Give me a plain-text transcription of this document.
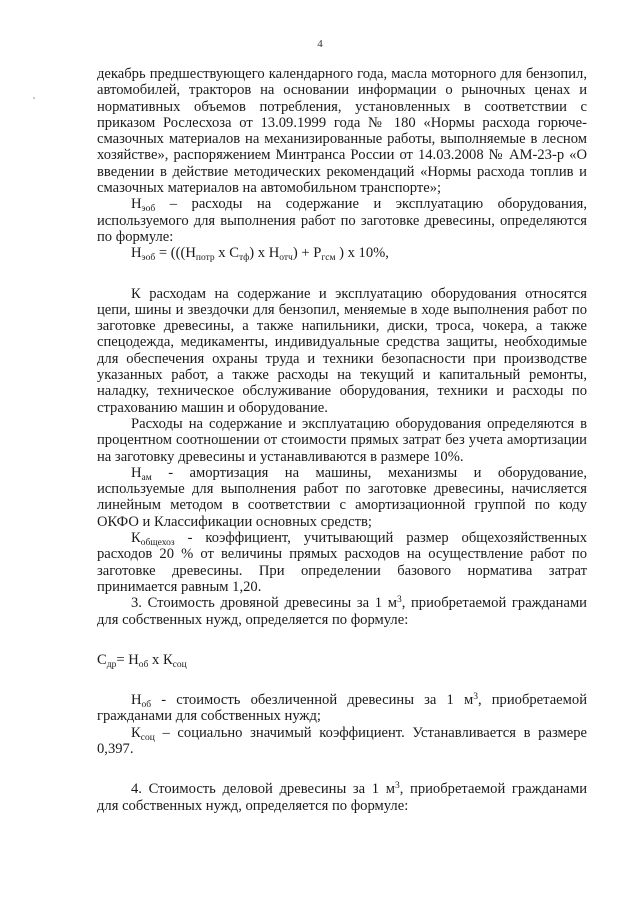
4

декабрь предшествующего календарного года, масла моторного для бензопил, автомобилей, тракторов на основании информации о рыночных ценах и нормативных объемов потребления, установленных в соответствии с приказом Рослесхоза от 13.09.1999 года № 180 «Нормы расхода горюче-смазочных материалов на механизированные работы, выполняемые в лесном хозяйстве», распоряжением Минтранса России от 14.03.2008 № АМ-23-р «О введении в действие методических рекомендаций «Нормы расхода топлив и смазочных материалов на автомобильном транспорте»;

$Н_{эоб}$ – расходы на содержание и эксплуатацию оборудования, используемого для выполнения работ по заготовке древесины, определяются по формуле:

$Н_{эоб} = (((Н_{потр}$ х $С_{тф}$) х $Н_{отч}) + Р_{гсм}$ ) х 10%,

К расходам на содержание и эксплуатацию оборудования относятся цепи, шины и звездочки для бензопил, меняемые в ходе выполнения работ по заготовке древесины, а также напильники, диски, троса, чокера, а также спецодежда, медикаменты, индивидуальные средства защиты, необходимые для обеспечения охраны труда и техники безопасности при производстве указанных работ, а также расходы на текущий и капитальный ремонты, наладку, техническое обслуживание оборудования, техники и расходы по страхованию машин и оборудование.

Расходы на содержание и эксплуатацию оборудования определяются в процентном соотношении от стоимости прямых затрат без учета амортизации на заготовку древесины и устанавливаются в размере 10%.

$Н_{ам}$ - амортизация на машины, механизмы и оборудование, используемые для выполнения работ по заготовке древесины, начисляется линейным методом в соответствии с амортизационной группой по коду ОКФО и Классификации основных средств;

$К_{общехоз}$ - коэффициент, учитывающий размер общехозяйственных расходов 20 % от величины прямых расходов на осуществление работ по заготовке древесины. При определении базового норматива затрат принимается равным 1,20.

3. Стоимость дровяной древесины за 1 $м^3$, приобретаемой гражданами для собственных нужд, определяется по формуле:

$С_{др}= Н_{об}$ х $К_{соц}$

$Н_{об}$ - стоимость обезличенной древесины за 1 $м^3$, приобретаемой гражданами для собственных нужд;

$К_{соц}$ – социально значимый коэффициент. Устанавливается в размере 0,397.

4. Стоимость деловой древесины за 1 $м^3$, приобретаемой гражданами для собственных нужд, определяется по формуле:
